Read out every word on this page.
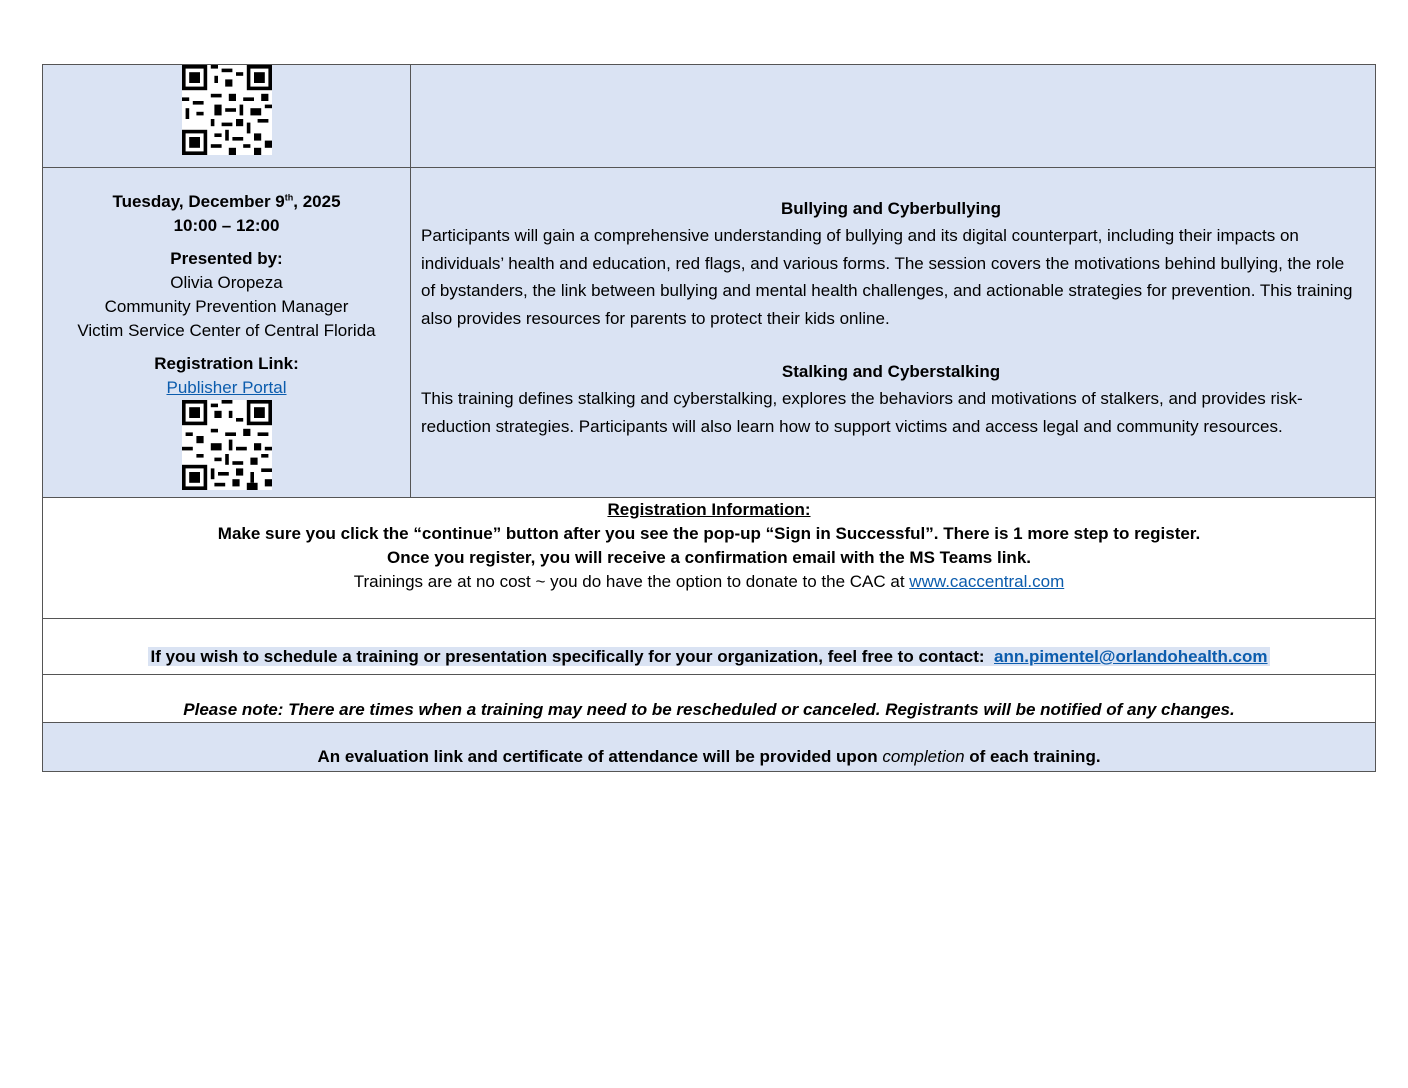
Tuesday, December 9th, 2025
10:00 – 12:00
Presented by:
Olivia Oropeza
Community Prevention Manager
Victim Service Center of Central Florida
Registration Link:
Publisher Portal
Bullying and Cyberbullying
Participants will gain a comprehensive understanding of bullying and its digital counterpart, including their impacts on individuals’ health and education, red flags, and various forms. The session covers the motivations behind bullying, the role of bystanders, the link between bullying and mental health challenges, and actionable strategies for prevention. This training also provides resources for parents to protect their kids online.
Stalking and Cyberstalking
This training defines stalking and cyberstalking, explores the behaviors and motivations of stalkers, and provides risk-reduction strategies. Participants will also learn how to support victims and access legal and community resources.
Registration Information:
Make sure you click the “continue” button after you see the pop-up “Sign in Successful”. There is 1 more step to register.
Once you register, you will receive a confirmation email with the MS Teams link.
Trainings are at no cost ~ you do have the option to donate to the CAC at www.caccentral.com
If you wish to schedule a training or presentation specifically for your organization, feel free to contact:  ann.pimentel@orlandohealth.com
Please note: There are times when a training may need to be rescheduled or canceled. Registrants will be notified of any changes.
An evaluation link and certificate of attendance will be provided upon completion of each training.
